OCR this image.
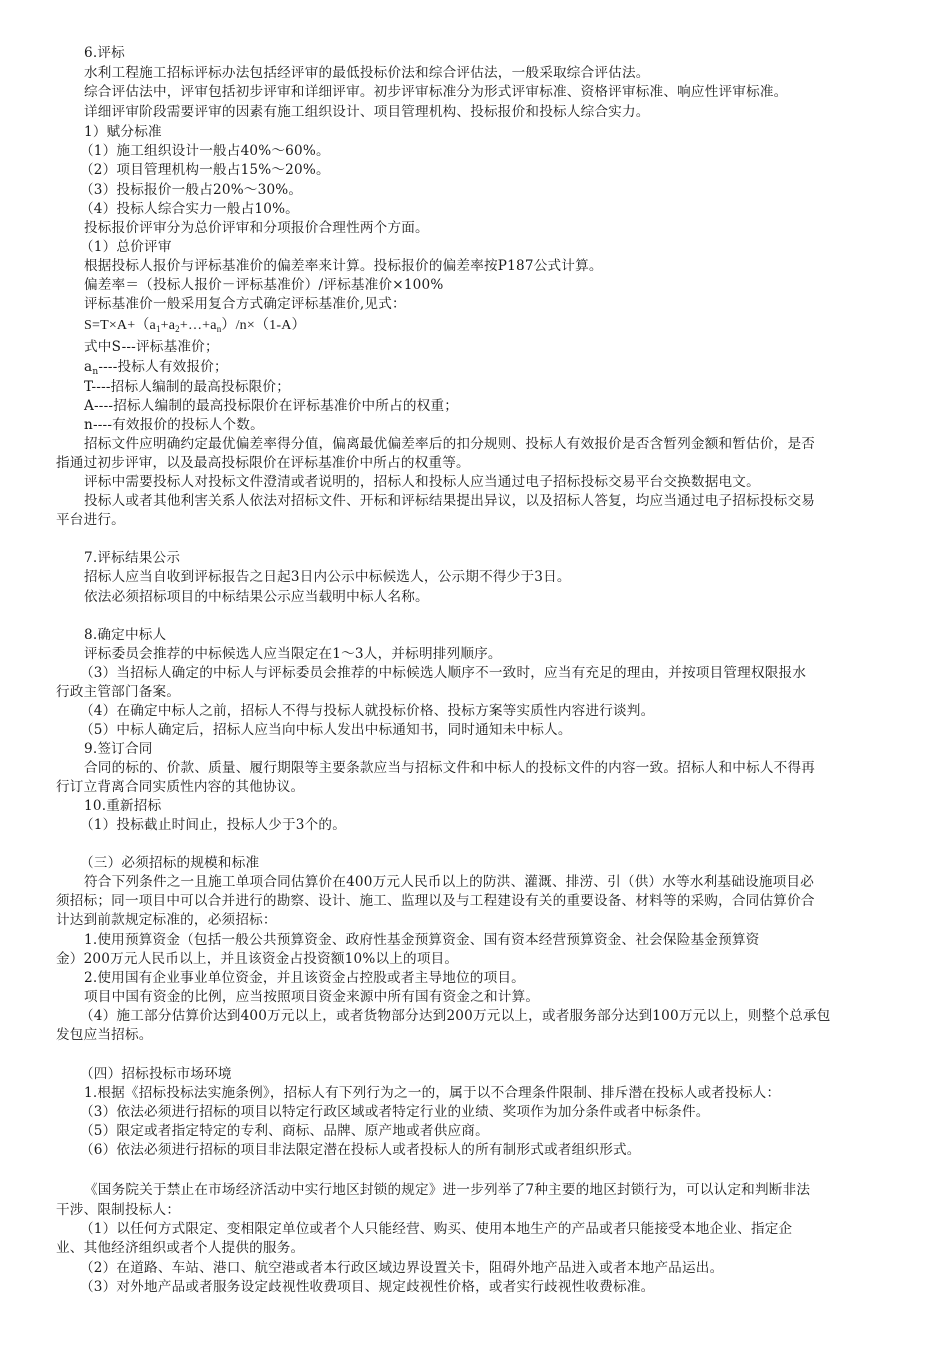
6.评标
水利工程施工招标评标办法包括经评审的最低投标价法和综合评估法，一般采取综合评估法。
综合评估法中，评审包括初步评审和详细评审。初步评审标准分为形式评审标准、资格评审标准、响应性评审标准。
详细评审阶段需要评审的因素有施工组织设计、项目管理机构、投标报价和投标人综合实力。
1）赋分标准
（1）施工组织设计一般占40%～60%。
（2）项目管理机构一般占15%～20%。
（3）投标报价一般占20%～30%。
（4）投标人综合实力一般占10%。
投标报价评审分为总价评审和分项报价合理性两个方面。
（1）总价评审
根据投标人报价与评标基准价的偏差率来计算。投标报价的偏差率按P187公式计算。
偏差率＝（投标人报价－评标基准价）/评标基准价×100%
评标基准价一般采用复合方式确定评标基准价,见式：
$S=T\times A+(a_1+a_2+\dots+a_n)/n\times(1-A)$
式中S---评标基准价；
$a_n----$投标人有效报价；
T----招标人编制的最高投标限价；
A----招标人编制的最高投标限价在评标基准价中所占的权重；
n----有效报价的投标人个数。
招标文件应明确约定最优偏差率得分值，偏离最优偏差率后的扣分规则、投标人有效报价是否含暂列金额和暂估价，是否
指通过初步评审，以及最高投标限价在评标基准价中所占的权重等。
评标中需要投标人对投标文件澄清或者说明的，招标人和投标人应当通过电子招标投标交易平台交换数据电文。
投标人或者其他利害关系人依法对招标文件、开标和评标结果提出异议，以及招标人答复，均应当通过电子招标投标交易
平台进行。
7.评标结果公示
招标人应当自收到评标报告之日起3日内公示中标候选人，公示期不得少于3日。
依法必须招标项目的中标结果公示应当载明中标人名称。
8.确定中标人
评标委员会推荐的中标候选人应当限定在1～3人，并标明排列顺序。
（3）当招标人确定的中标人与评标委员会推荐的中标候选人顺序不一致时，应当有充足的理由，并按项目管理权限报水
行政主管部门备案。
（4）在确定中标人之前，招标人不得与投标人就投标价格、投标方案等实质性内容进行谈判。
（5）中标人确定后，招标人应当向中标人发出中标通知书，同时通知未中标人。
9.签订合同
合同的标的、价款、质量、履行期限等主要条款应当与招标文件和中标人的投标文件的内容一致。招标人和中标人不得再
行订立背离合同实质性内容的其他协议。
10.重新招标
（1）投标截止时间止，投标人少于3个的。
（三）必须招标的规模和标准
符合下列条件之一且施工单项合同估算价在400万元人民币以上的防洪、灌溉、排涝、引（供）水等水利基础设施项目必
须招标；同一项目中可以合并进行的勘察、设计、施工、监理以及与工程建设有关的重要设备、材料等的采购，合同估算价合
计达到前款规定标准的，必须招标：
1.使用预算资金（包括一般公共预算资金、政府性基金预算资金、国有资本经营预算资金、社会保险基金预算资
金）200万元人民币以上，并且该资金占投资额10%以上的项目。
2.使用国有企业事业单位资金，并且该资金占控股或者主导地位的项目。
项目中国有资金的比例，应当按照项目资金来源中所有国有资金之和计算。
（4）施工部分估算价达到400万元以上，或者货物部分达到200万元以上，或者服务部分达到100万元以上，则整个总承包
发包应当招标。
（四）招标投标市场环境
1.根据《招标投标法实施条例》，招标人有下列行为之一的，属于以不合理条件限制、排斥潜在投标人或者投标人：
（3）依法必须进行招标的项目以特定行政区域或者特定行业的业绩、奖项作为加分条件或者中标条件。
（5）限定或者指定特定的专利、商标、品牌、原产地或者供应商。
（6）依法必须进行招标的项目非法限定潜在投标人或者投标人的所有制形式或者组织形式。
《国务院关于禁止在市场经济活动中实行地区封锁的规定》进一步列举了7种主要的地区封锁行为，可以认定和判断非法
干涉、限制投标人：
（1）以任何方式限定、变相限定单位或者个人只能经营、购买、使用本地生产的产品或者只能接受本地企业、指定企
业、其他经济组织或者个人提供的服务。
（2）在道路、车站、港口、航空港或者本行政区域边界设置关卡，阻碍外地产品进入或者本地产品运出。
（3）对外地产品或者服务设定歧视性收费项目、规定歧视性价格，或者实行歧视性收费标准。
